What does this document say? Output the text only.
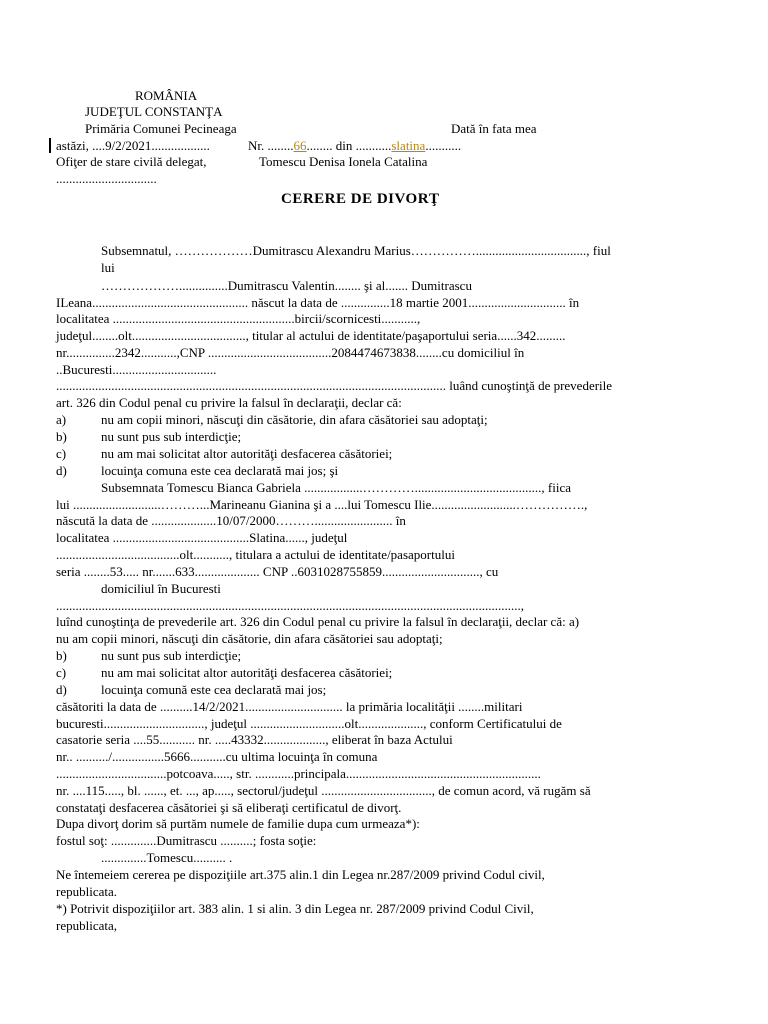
ROMÂNIA
JUDEŢUL CONSTANŢA
Primăria Comunei Pecineaga	Dată în fata mea
astăzi, ....9/2/2021..................	Nr. ........66........ din ...........slatina...........
Ofiţer de stare civilă delegat,	Tomescu Denisa Ionela Catalina
...............................
CERERE DE DIVORŢ
Subsemnatul, ………………Dumitrascu Alexandru Marius…………….................................., fiul
lui
………………...............Dumitrascu Valentin........ şi al....... Dumitrascu
ILeana................................................ născut la data de ...............18 martie 2001.............................. în
localitatea ........................................................bircii/scornicesti...........,
judeţul........olt..................................., titular al actului de identitate/paşaportului seria......342.........
nr...............2342...........,CNP ......................................2084474673838........cu domiciliul în
..Bucuresti................................
........................................................................................................................ luând cunoştinţă de prevederile
art. 326 din Codul penal cu privire la falsul în declaraţii, declar că:
a)	nu am copii minori, născuţi din căsătorie, din afara căsătoriei sau adoptaţi;
b)	nu sunt pus sub interdicţie;
c)	nu am mai solicitat altor autorităţi desfacerea căsătoriei;
d)	locuinţa comuna este cea declarată mai jos; şi
Subsemnata Tomescu Bianca Gabriela ..................…………......................................., fiica
lui ...........................………...Marineanu Gianina şi a ....lui Tomescu Ilie..........................…………….,
născută la data de ....................10/07/2000………........................ în
localitatea ..........................................Slatina......, judeţul
......................................olt..........., titulara a actului de identitate/pasaportului
seria ........53..... nr.......633.................... CNP ..6031028755859.............................., cu
domiciliul în Bucuresti
...............................................................................................................................................,
luînd cunoştinţa de prevederile art. 326 din Codul penal cu privire la falsul în declaraţii, declar că: a)
nu am copii minori, născuţi din căsătorie, din afara căsătoriei sau adoptaţi;
b)	nu sunt pus sub interdicţie;
c)	nu am mai solicitat altor autorităţi desfacerea căsătoriei;
d)	locuinţa comună este cea declarată mai jos;
căsătoriti la data de ..........14/2/2021.............................. la primăria localităţii ........militari
bucuresti..............................., judeţul .............................olt...................., conform Certificatului de
casatorie seria ....55........... nr. .....43332..................., eliberat în baza Actului
nr.. ........../................5666...........cu ultima locuinţa în comuna
..................................potcoava....., str. ............principala............................................................
nr. ....115....., bl. ......, et. ..., ap....., sectorul/judeţul .................................., de comun acord, vă rugăm să
constataţi desfacerea căsătoriei şi să eliberaţi certificatul de divorţ.
Dupa divorţ dorim să purtăm numele de familie dupa cum urmeaza*):
fostul soţ: ..............Dumitrascu ..........; fosta soţie:
..............Tomescu.......... .
Ne întemeiem cererea pe dispoziţiile art.375 alin.1 din Legea nr.287/2009 privind Codul civil,
republicata.
*) Potrivit dispoziţiilor art. 383 alin. 1 si alin. 3 din Legea nr. 287/2009 privind Codul Civil,
republicata,
